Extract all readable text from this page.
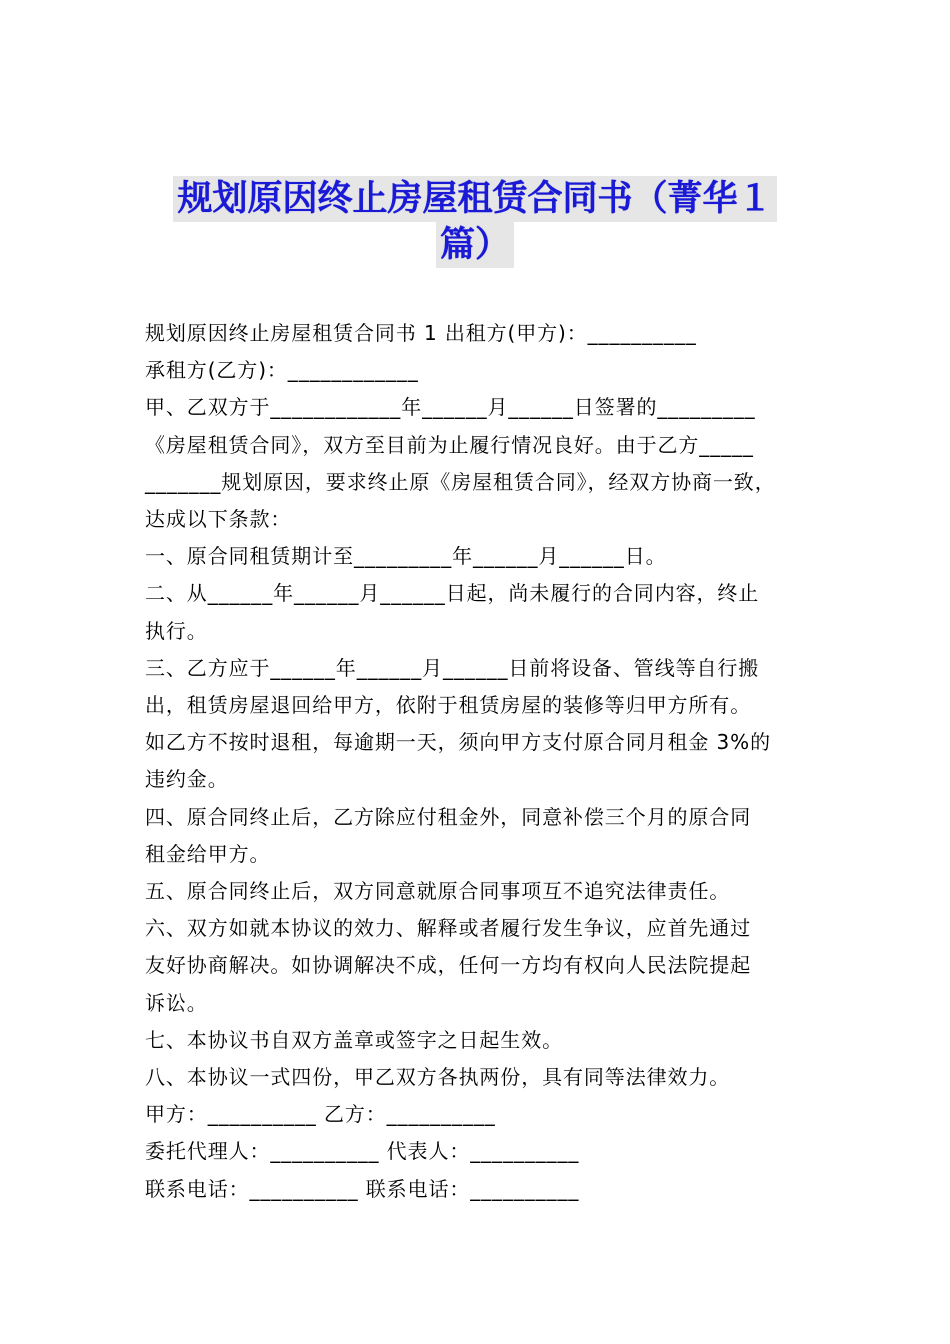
规划原因终止房屋租赁合同书（菁华１
篇）

规划原因终止房屋租赁合同书 1 出租方(甲方)：__________

承租方(乙方)：____________

甲、乙双方于____________年______月______日签署的_________

《房屋租赁合同》，双方至目前为止履行情况良好。由于乙方_____

_______规划原因，要求终止原《房屋租赁合同》，经双方协商一致，

达成以下条款：

一、原合同租赁期计至_________年______月______日。

二、从______年______月______日起，尚未履行的合同内容，终止

执行。

三、乙方应于______年______月______日前将设备、管线等自行搬

出，租赁房屋退回给甲方，依附于租赁房屋的装修等归甲方所有。

如乙方不按时退租，每逾期一天，须向甲方支付原合同月租金 3%的

违约金。

四、原合同终止后，乙方除应付租金外，同意补偿三个月的原合同

租金给甲方。

五、原合同终止后，双方同意就原合同事项互不追究法律责任。

六、双方如就本协议的效力、解释或者履行发生争议，应首先通过

友好协商解决。如协调解决不成，任何一方均有权向人民法院提起

诉讼。

七、本协议书自双方盖章或签字之日起生效。

八、本协议一式四份，甲乙双方各执两份，具有同等法律效力。

甲方：__________ 乙方：__________

委托代理人：__________ 代表人：__________

联系电话：__________ 联系电话：__________
